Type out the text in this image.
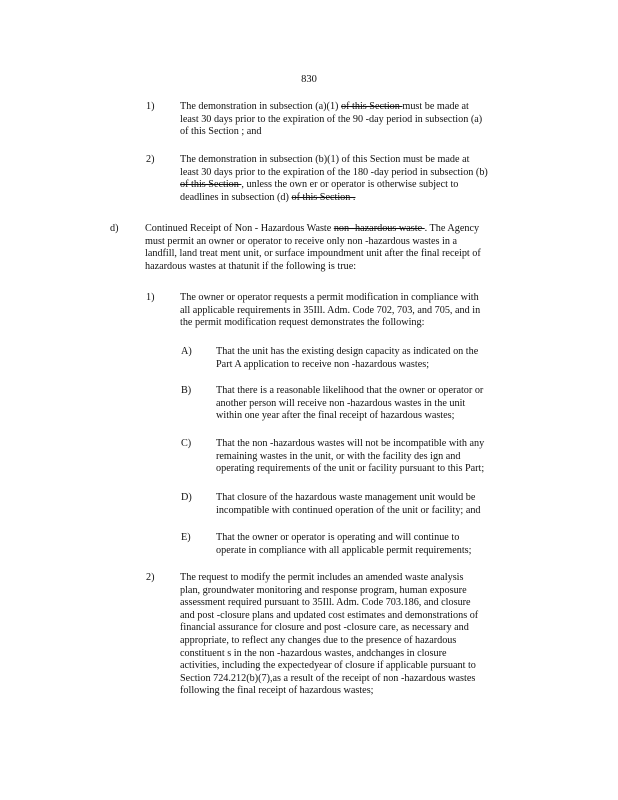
830
1)	The demonstration in subsection (a)(1) of this Section must be made at
least 30 days prior to the expiration of the 90 -day period in subsection (a)
of this Section ; and
2)	The demonstration in subsection (b)(1) of this Section must be made at
least 30 days prior to the expiration of the 180 -day period in subsection (b)
of this Section , unless the own er or operator is otherwise subject to
deadlines in subsection (d) of this Section .
d)	Continued Receipt of Non - Hazardous Waste non -hazardous waste . The Agency
must permit an owner or operator to receive only non -hazardous wastes in a
landfill, land treat ment unit, or surface impoundment unit after the final receipt of
hazardous wastes at thatunit if the following is true:
1)	The owner or operator requests a permit modification in compliance with
all applicable requirements in 35Ill. Adm. Code 702, 703, and 705, and in
the permit modification request demonstrates the following:
A) That the unit has the existing design capacity as indicated on the
Part A application to receive non -hazardous wastes;
B) That there is a reasonable likelihood that the owner or operator or
another person will receive non -hazardous wastes in the unit
within one year after the final receipt of hazardous wastes;
C) That the non -hazardous wastes will not be incompatible with any
remaining wastes in the unit, or with the facility des ign and
operating requirements of the unit or facility pursuant to this Part;
D) That closure of the hazardous waste management unit would be
incompatible with continued operation of the unit or facility; and
E) That the owner or operator is operating and will continue to
operate in compliance with all applicable permit requirements;
2)	The request to modify the permit includes an amended waste analysis
plan, groundwater monitoring and response program, human exposure
assessment required pursuant to 35Ill. Adm. Code 703.186, and closure
and post -closure plans and updated cost estimates and demonstrations of
financial assurance for closure and post -closure care, as necessary and
appropriate, to reflect any changes due to the presence of hazardous
constituent s in the non -hazardous wastes, andchanges in closure
activities, including the expectedyear of closure if applicable pursuant to
Section 724.212(b)(7),as a result of the receipt of non -hazardous wastes
following the final receipt of hazardous wastes;
